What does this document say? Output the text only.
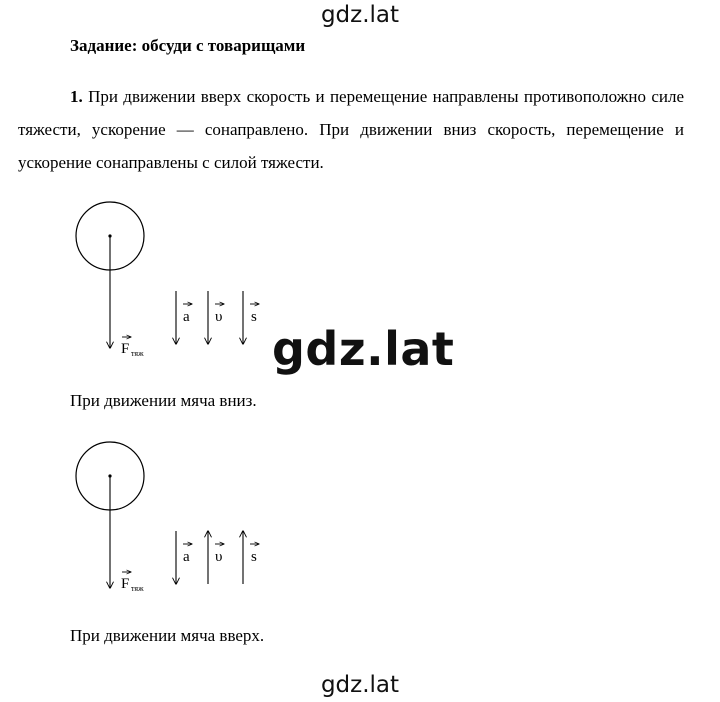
gdz.lat
Задание: обсуди с товарищами
1. При движении вверх скорость и перемещение направлены противоположно силе тяжести, ускорение — сонаправлено. При движении вниз скорость, перемещение и ускорение сонаправлены с силой тяжести.
F тяж
a υ s
gdz.lat
При движении мяча вниз.
F тяж
a υ s
При движении мяча вверх.
gdz.lat
